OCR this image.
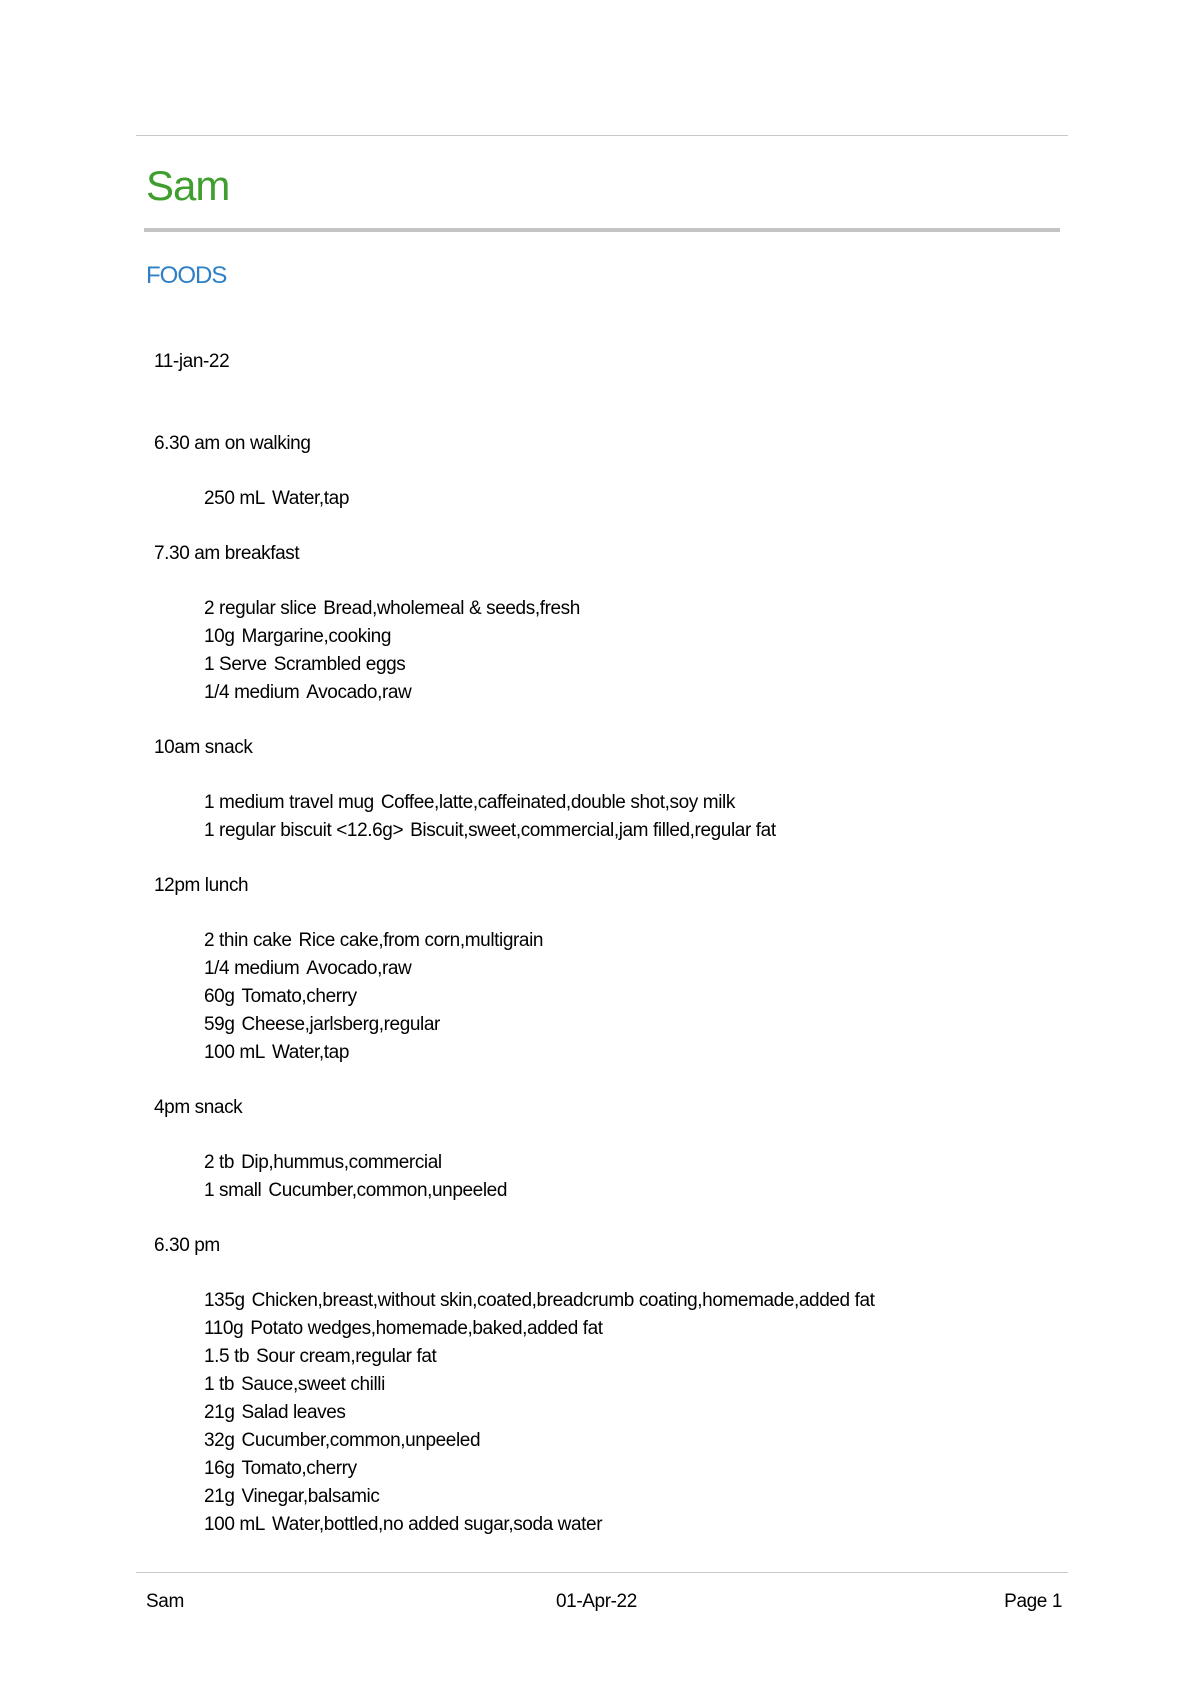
Sam
FOODS
11-jan-22
6.30 am on walking
250 mL Water,tap
7.30 am breakfast
2 regular slice Bread,wholemeal & seeds,fresh
10g Margarine,cooking
1 Serve Scrambled eggs
1/4 medium Avocado,raw
10am snack
1 medium travel mug Coffee,latte,caffeinated,double shot,soy milk
1 regular biscuit <12.6g> Biscuit,sweet,commercial,jam filled,regular fat
12pm lunch
2 thin cake Rice cake,from corn,multigrain
1/4 medium Avocado,raw
60g Tomato,cherry
59g Cheese,jarlsberg,regular
100 mL Water,tap
4pm snack
2 tb Dip,hummus,commercial
1 small Cucumber,common,unpeeled
6.30 pm
135g Chicken,breast,without skin,coated,breadcrumb coating,homemade,added fat
110g Potato wedges,homemade,baked,added fat
1.5 tb Sour cream,regular fat
1 tb Sauce,sweet chilli
21g Salad leaves
32g Cucumber,common,unpeeled
16g Tomato,cherry
21g Vinegar,balsamic
100 mL Water,bottled,no added sugar,soda water
Sam	01-Apr-22	Page 1
